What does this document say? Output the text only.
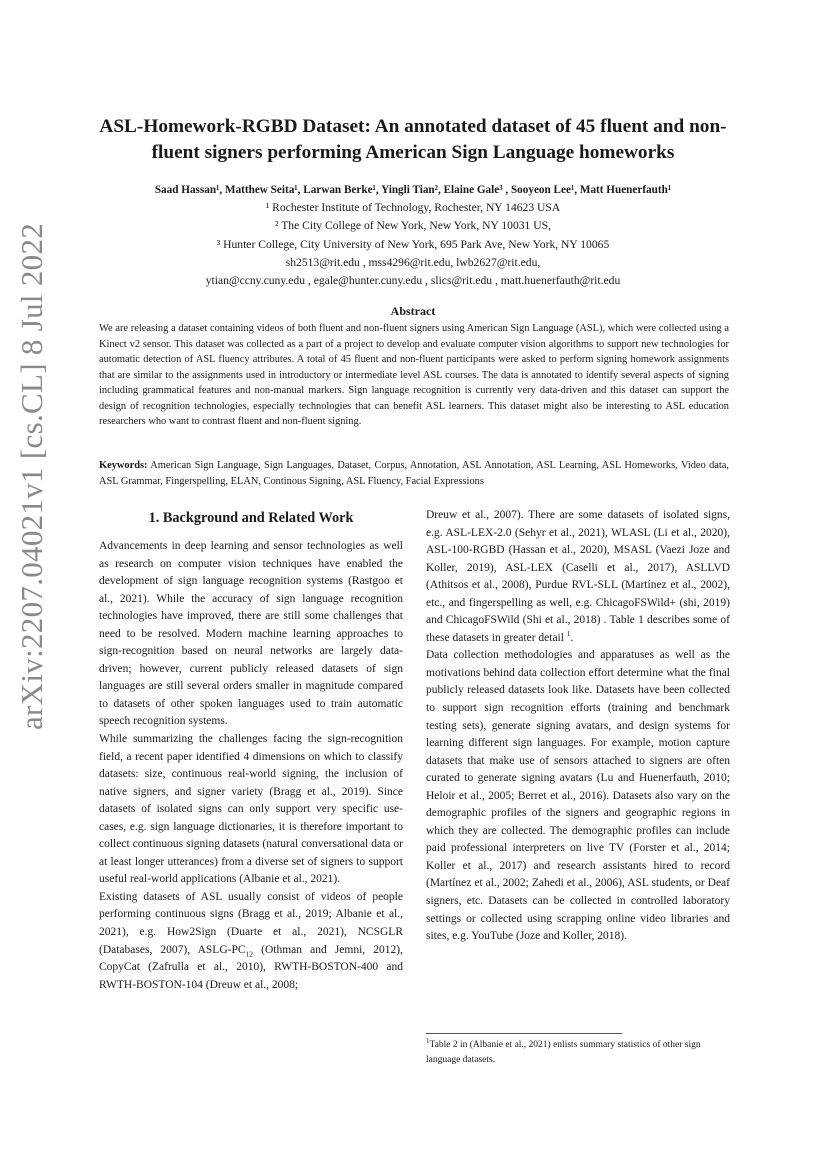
arXiv:2207.04021v1 [cs.CL] 8 Jul 2022
ASL-Homework-RGBD Dataset: An annotated dataset of 45 fluent and non-fluent signers performing American Sign Language homeworks
Saad Hassan¹, Matthew Seita¹, Larwan Berke¹, Yingli Tian², Elaine Gale³ , Sooyeon Lee¹, Matt Huenerfauth¹
¹ Rochester Institute of Technology, Rochester, NY 14623 USA
² The City College of New York, New York, NY 10031 US,
³ Hunter College, City University of New York, 695 Park Ave, New York, NY 10065
sh2513@rit.edu , mss4296@rit.edu, lwb2627@rit.edu,
ytian@ccny.cuny.edu , egale@hunter.cuny.edu , slics@rit.edu , matt.huenerfauth@rit.edu
Abstract
We are releasing a dataset containing videos of both fluent and non-fluent signers using American Sign Language (ASL), which were collected using a Kinect v2 sensor. This dataset was collected as a part of a project to develop and evaluate computer vision algorithms to support new technologies for automatic detection of ASL fluency attributes. A total of 45 fluent and non-fluent participants were asked to perform signing homework assignments that are similar to the assignments used in introductory or intermediate level ASL courses. The data is annotated to identify several aspects of signing including grammatical features and non-manual markers. Sign language recognition is currently very data-driven and this dataset can support the design of recognition technologies, especially technologies that can benefit ASL learners. This dataset might also be interesting to ASL education researchers who want to contrast fluent and non-fluent signing.
Keywords: American Sign Language, Sign Languages, Dataset, Corpus, Annotation, ASL Annotation, ASL Learning, ASL Homeworks, Video data, ASL Grammar, Fingerspelling, ELAN, Continous Signing, ASL Fluency, Facial Expressions
1. Background and Related Work

Advancements in deep learning and sensor technologies as well as research on computer vision techniques have enabled the development of sign language recognition systems (Rastgoo et al., 2021). While the accuracy of sign language recognition technologies have improved, there are still some challenges that need to be resolved. Modern machine learning approaches to sign-recognition based on neural networks are largely data-driven; however, current publicly released datasets of sign languages are still several orders smaller in magnitude compared to datasets of other spoken languages used to train automatic speech recognition systems.

While summarizing the challenges facing the sign-recognition field, a recent paper identified 4 dimensions on which to classify datasets: size, continuous real-world signing, the inclusion of native signers, and signer variety (Bragg et al., 2019). Since datasets of isolated signs can only support very specific use-cases, e.g. sign language dictionaries, it is therefore important to collect continuous signing datasets (natural conversational data or at least longer utterances) from a diverse set of signers to support useful real-world applications (Albanie et al., 2021).

Existing datasets of ASL usually consist of videos of people performing continuous signs (Bragg et al., 2019; Albanie et al., 2021), e.g. How2Sign (Duarte et al., 2021), NCSGLR (Databases, 2007), ASLG-$PC_{12}$ (Othman and Jemni, 2012), CopyCat (Zafrulla et al., 2010), RWTH-BOSTON-400 and RWTH-BOSTON-104 (Dreuw et al., 2008;

Dreuw et al., 2007). There are some datasets of isolated signs, e.g. ASL-LEX-2.0 (Sehyr et al., 2021), WLASL (Li et al., 2020), ASL-100-RGBD (Hassan et al., 2020), MSASL (Vaezi Joze and Koller, 2019), ASL-LEX (Caselli et al., 2017), ASLLVD (Athitsos et al., 2008), Purdue RVL-SLL (Martínez et al., 2002), etc., and fingerspelling as well, e.g. ChicagoFSWild+ (shi, 2019) and ChicagoFSWild (Shi et al., 2018) . Table 1 describes some of these datasets in greater detail $^1$.

Data collection methodologies and apparatuses as well as the motivations behind data collection effort determine what the final publicly released datasets look like. Datasets have been collected to support sign recognition efforts (training and benchmark testing sets), generate signing avatars, and design systems for learning different sign languages. For example, motion capture datasets that make use of sensors attached to signers are often curated to generate signing avatars (Lu and Huenerfauth, 2010; Heloir et al., 2005; Berret et al., 2016). Datasets also vary on the demographic profiles of the signers and geographic regions in which they are collected. The demographic profiles can include paid professional interpreters on live TV (Forster et al., 2014; Koller et al., 2017) and research assistants hired to record (Martínez et al., 2002; Zahedi et al., 2006), ASL students, or Deaf signers, etc. Datasets can be collected in controlled laboratory settings or collected using scrapping online video libraries and sites, e.g. YouTube (Joze and Koller, 2018).

$^1$Table 2 in (Albanie et al., 2021) enlists summary statistics of other sign language datasets.
